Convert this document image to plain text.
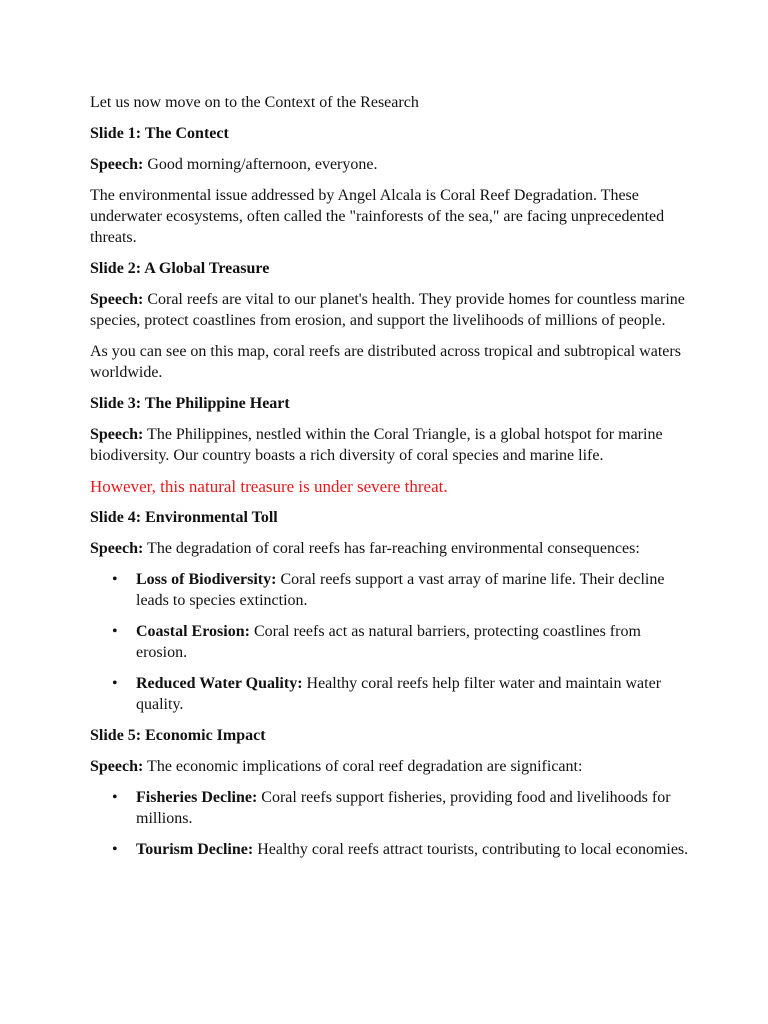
Let us now move on to the Context of the Research

Slide 1: The Contect

Speech: Good morning/afternoon, everyone.

The environmental issue addressed by Angel Alcala is Coral Reef Degradation. These underwater ecosystems, often called the "rainforests of the sea," are facing unprecedented threats.

Slide 2: A Global Treasure

Speech: Coral reefs are vital to our planet's health. They provide homes for countless marine species, protect coastlines from erosion, and support the livelihoods of millions of people.

As you can see on this map, coral reefs are distributed across tropical and subtropical waters worldwide.

Slide 3: The Philippine Heart

Speech: The Philippines, nestled within the Coral Triangle, is a global hotspot for marine biodiversity. Our country boasts a rich diversity of coral species and marine life.

However, this natural treasure is under severe threat.

Slide 4: Environmental Toll

Speech: The degradation of coral reefs has far-reaching environmental consequences:

• Loss of Biodiversity: Coral reefs support a vast array of marine life. Their decline leads to species extinction.
• Coastal Erosion: Coral reefs act as natural barriers, protecting coastlines from erosion.
• Reduced Water Quality: Healthy coral reefs help filter water and maintain water quality.

Slide 5: Economic Impact

Speech: The economic implications of coral reef degradation are significant:

• Fisheries Decline: Coral reefs support fisheries, providing food and livelihoods for millions.
• Tourism Decline: Healthy coral reefs attract tourists, contributing to local economies.
